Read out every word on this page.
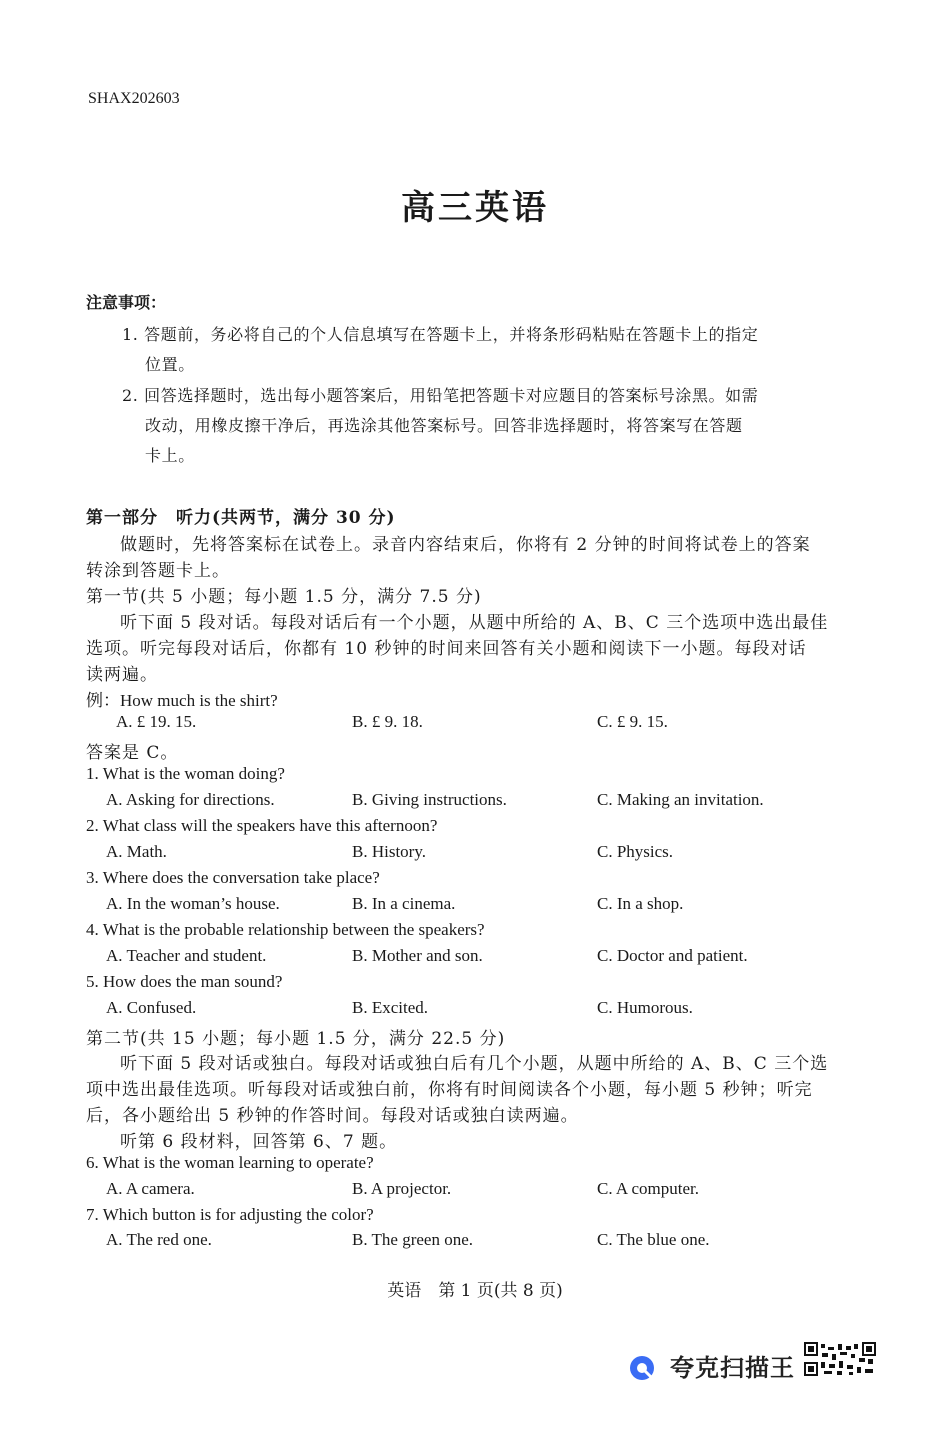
SHAX202603
高三英语
注意事项：
1. 答题前，务必将自己的个人信息填写在答题卡上，并将条形码粘贴在答题卡上的指定
位置。
2. 回答选择题时，选出每小题答案后，用铅笔把答题卡对应题目的答案标号涂黑。如需
改动，用橡皮擦干净后，再选涂其他答案标号。回答非选择题时，将答案写在答题
卡上。
第一部分　听力(共两节，满分 30 分)
做题时，先将答案标在试卷上。录音内容结束后，你将有 2 分钟的时间将试卷上的答案
转涂到答题卡上。
第一节(共 5 小题；每小题 1.5 分，满分 7.5 分)
听下面 5 段对话。每段对话后有一个小题，从题中所给的 A、B、C 三个选项中选出最佳
选项。听完每段对话后，你都有 10 秒钟的时间来回答有关小题和阅读下一小题。每段对话
读两遍。
例：How much is the shirt?
A. £ 19. 15.	B. £ 9. 18.	C. £ 9. 15.
答案是 C。
1. What is the woman doing?
A. Asking for directions.	B. Giving instructions.	C. Making an invitation.
2. What class will the speakers have this afternoon?
A. Math.	B. History.	C. Physics.
3. Where does the conversation take place?
A. In the woman’s house.	B. In a cinema.	C. In a shop.
4. What is the probable relationship between the speakers?
A. Teacher and student.	B. Mother and son.	C. Doctor and patient.
5. How does the man sound?
A. Confused.	B. Excited.	C. Humorous.
第二节(共 15 小题；每小题 1.5 分，满分 22.5 分)
听下面 5 段对话或独白。每段对话或独白后有几个小题，从题中所给的 A、B、C 三个选
项中选出最佳选项。听每段对话或独白前，你将有时间阅读各个小题，每小题 5 秒钟；听完
后，各小题给出 5 秒钟的作答时间。每段对话或独白读两遍。
听第 6 段材料，回答第 6、7 题。
6. What is the woman learning to operate?
A. A camera.	B. A projector.	C. A computer.
7. Which button is for adjusting the color?
A. The red one.	B. The green one.	C. The blue one.
英语　第 1 页(共 8 页)
夸克扫描王
